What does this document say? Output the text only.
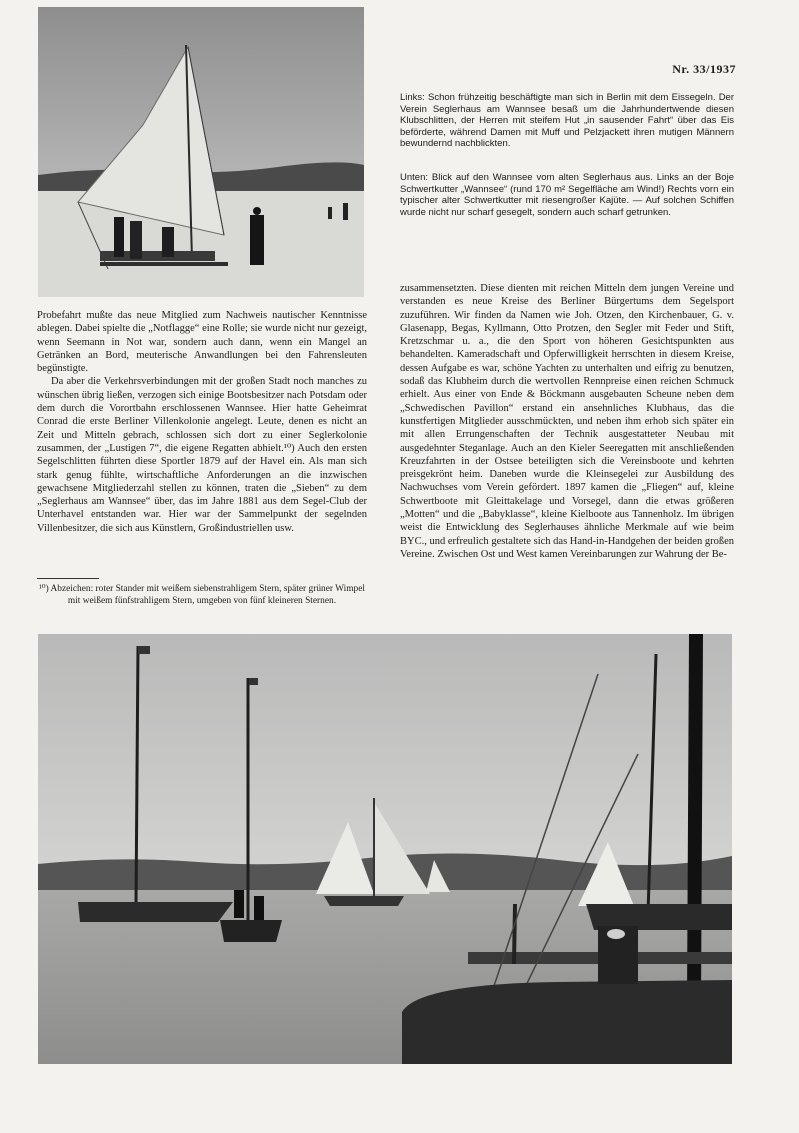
Nr. 33/1937

Links: Schon frühzeitig beschäftigte man sich in Berlin mit dem Eissegeln. Der Verein Seglerhaus am Wannsee besaß um die Jahrhundertwende diesen Klubschlitten, der Herren mit steifem Hut „in sausender Fahrt“ über das Eis beförderte, während Damen mit Muff und Pelzjackett ihren mutigen Männern bewundernd nachblickten.

Unten: Blick auf den Wannsee vom alten Seglerhaus aus. Links an der Boje Schwertkutter „Wannsee“ (rund 170 m² Segelfläche am Wind!) Rechts vorn ein typischer alter Schwertkutter mit riesengroßer Kajüte. — Auf solchen Schiffen wurde nicht nur scharf gesegelt, sondern auch scharf getrunken.

Probefahrt mußte das neue Mitglied zum Nachweis nautischer Kenntnisse ablegen. Dabei spielte die „Notflagge“ eine Rolle; sie wurde nicht nur gezeigt, wenn Seemann in Not war, sondern auch dann, wenn ein Mangel an Getränken an Bord, meuterische Anwandlungen bei den Fahrensleuten begünstigte.

Da aber die Verkehrsverbindungen mit der großen Stadt noch manches zu wünschen übrig ließen, verzogen sich einige Bootsbesitzer nach Potsdam oder dem durch die Vorortbahn erschlossenen Wannsee. Hier hatte Geheimrat Conrad die erste Berliner Villenkolonie angelegt. Leute, denen es nicht an Zeit und Mitteln gebrach, schlossen sich dort zu einer Seglerkolonie zusammen, der „Lustigen 7“, die eigene Regatten abhielt.¹⁰) Auch den ersten Segelschlitten führten diese Sportler 1879 auf der Havel ein. Als man sich stark genug fühlte, wirtschaftliche Anforderungen an die inzwischen gewachsene Mitgliederzahl stellen zu können, traten die „Sieben“ zu dem „Seglerhaus am Wannsee“ über, das im Jahre 1881 aus dem Segel-Club der Unterhavel entstanden war. Hier war der Sammelpunkt der segelnden Villenbesitzer, die sich aus Künstlern, Großindustriellen usw.

¹⁰) Abzeichen: roter Stander mit weißem siebenstrahligem Stern, später grüner Wimpel mit weißem fünfstrahligem Stern, umgeben von fünf kleineren Sternen.

zusammensetzten. Diese dienten mit reichen Mitteln dem jungen Vereine und verstanden es neue Kreise des Berliner Bürgertums dem Segelsport zuzuführen. Wir finden da Namen wie Joh. Otzen, den Kirchenbauer, G. v. Glasenapp, Begas, Kyllmann, Otto Protzen, den Segler mit Feder und Stift, Kretzschmar u. a., die den Sport von höheren Gesichtspunkten aus behandelten. Kameradschaft und Opferwilligkeit herrschten in diesem Kreise, dessen Aufgabe es war, schöne Yachten zu unterhalten und eifrig zu benutzen, sodaß das Klubheim durch die wertvollen Rennpreise einen reichen Schmuck erhielt. Aus einer von Ende & Böckmann ausgebauten Scheune neben dem „Schwedischen Pavillon“ erstand ein ansehnliches Klubhaus, das die kunstfertigen Mitglieder ausschmückten, und neben ihm erhob sich später ein mit allen Errungenschaften der Technik ausgestatteter Neubau mit ausgedehnter Steganlage. Auch an den Kieler Seeregatten mit anschließenden Kreuzfahrten in der Ostsee beteiligten sich die Vereinsboote und kehrten preisgekrönt heim. Daneben wurde die Kleinsegelei zur Ausbildung des Nachwuchses vom Verein gefördert. 1897 kamen die „Fliegen“ auf, kleine Schwertboote mit Gleittakelage und Vorsegel, dann die etwas größeren „Motten“ und die „Babyklasse“, kleine Kielboote aus Tannenholz. Im übrigen weist die Entwicklung des Seglerhauses ähnliche Merkmale auf wie beim BYC., und erfreulich gestaltete sich das Hand-in-Handgehen der beiden großen Vereine. Zwischen Ost und West kamen Vereinbarungen zur Wahrung der Be-
